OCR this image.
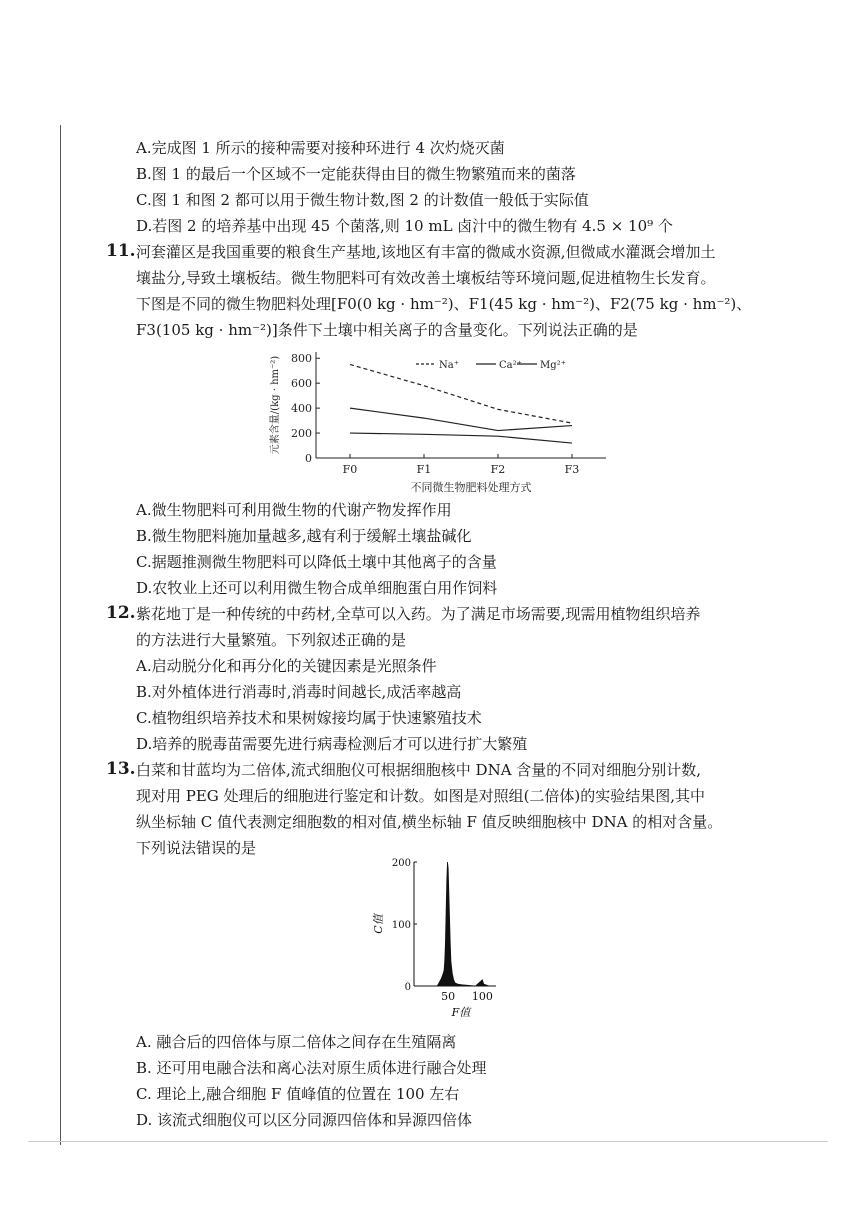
A.完成图 1 所示的接种需要对接种环进行 4 次灼烧灭菌
B.图 1 的最后一个区域不一定能获得由目的微生物繁殖而来的菌落
C.图 1 和图 2 都可以用于微生物计数,图 2 的计数值一般低于实际值
D.若图 2 的培养基中出现 45 个菌落,则 10 mL 卤汁中的微生物有 4.5 × 10⁹ 个
11. 河套灌区是我国重要的粮食生产基地,该地区有丰富的微咸水资源,但微咸水灌溉会增加土
壤盐分,导致土壤板结。微生物肥料可有效改善土壤板结等环境问题,促进植物生长发育。
下图是不同的微生物肥料处理[F0(0 kg · hm⁻²)、F1(45 kg · hm⁻²)、F2(75 kg · hm⁻²)、
F3(105 kg · hm⁻²)]条件下土壤中相关离子的含量变化。下列说法正确的是
0
200
400
600
800
F0	F1	F2	F3
Na⁺	Ca²⁺ Mg²⁺
元素含量/(kg · hm⁻²)
不同微生物肥料处理方式
A.微生物肥料可利用微生物的代谢产物发挥作用
B.微生物肥料施加量越多,越有利于缓解土壤盐碱化
C.据题推测微生物肥料可以降低土壤中其他离子的含量
D.农牧业上还可以利用微生物合成单细胞蛋白用作饲料
12. 紫花地丁是一种传统的中药材,全草可以入药。为了满足市场需要,现需用植物组织培养
的方法进行大量繁殖。下列叙述正确的是
A.启动脱分化和再分化的关键因素是光照条件
B.对外植体进行消毒时,消毒时间越长,成活率越高
C.植物组织培养技术和果树嫁接均属于快速繁殖技术
D.培养的脱毒苗需要先进行病毒检测后才可以进行扩大繁殖
13. 白菜和甘蓝均为二倍体,流式细胞仪可根据细胞核中 DNA 含量的不同对细胞分别计数,
现对用 PEG 处理后的细胞进行鉴定和计数。如图是对照组(二倍体)的实验结果图,其中
纵坐标轴 C 值代表测定细胞数的相对值,横坐标轴 F 值反映细胞核中 DNA 的相对含量。
下列说法错误的是
0
100
200
50 100
C值
F值
A. 融合后的四倍体与原二倍体之间存在生殖隔离
B. 还可用电融合法和离心法对原生质体进行融合处理
C. 理论上,融合细胞 F 值峰值的位置在 100 左右
D. 该流式细胞仪可以区分同源四倍体和异源四倍体
